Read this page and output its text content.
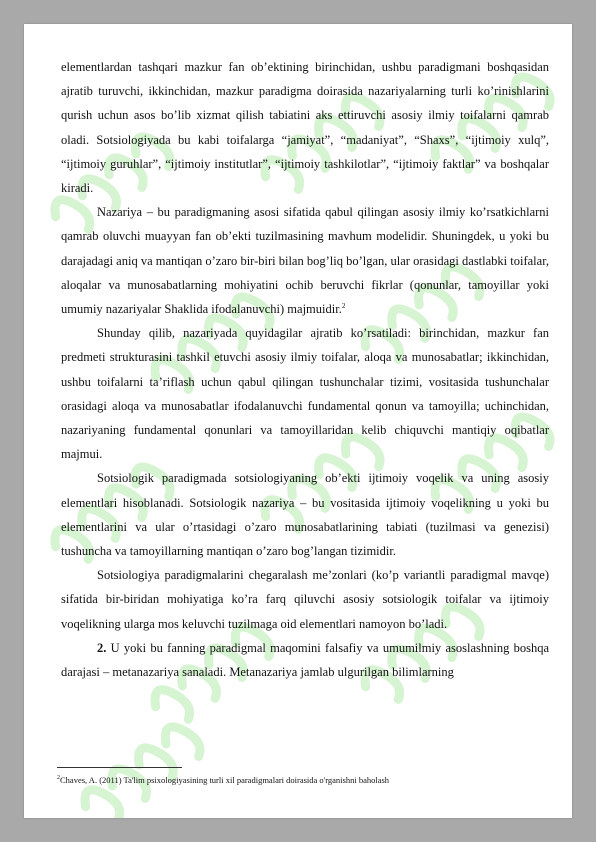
elementlardan tashqari mazkur fan ob’ektining birinchidan, ushbu paradigmani boshqasidan ajratib turuvchi, ikkinchidan, mazkur paradigma doirasida nazariyalarning turli ko’rinishlarini qurish uchun asos bo’lib xizmat qilish tabiatini aks ettiruvchi asosiy ilmiy toifalarni qamrab oladi. Sotsiologiyada bu kabi toifalarga “jamiyat”, “madaniyat”, “Shaxs”, “ijtimoiy xulq”, “ijtimoiy guruhlar”, “ijtimoiy institutlar”, “ijtimoiy tashkilotlar”, “ijtimoiy faktlar” va boshqalar kiradi.

Nazariya – bu paradigmaning asosi sifatida qabul qilingan asosiy ilmiy ko’rsatkichlarni qamrab oluvchi muayyan fan ob’ekti tuzilmasining mavhum modelidir. Shuningdek, u yoki bu darajadagi aniq va mantiqan o’zaro bir-biri bilan bog’liq bo’lgan, ular orasidagi dastlabki toifalar, aloqalar va munosabatlarning mohiyatini ochib beruvchi fikrlar (qonunlar, tamoyillar yoki umumiy nazariyalar Shaklida ifodalanuvchi) majmuidir.$^2$

Shunday qilib, nazariyada quyidagilar ajratib ko’rsatiladi: birinchidan, mazkur fan predmeti strukturasini tashkil etuvchi asosiy ilmiy toifalar, aloqa va munosabatlar; ikkinchidan, ushbu toifalarni ta’riflash uchun qabul qilingan tushunchalar tizimi, vositasida tushunchalar orasidagi aloqa va munosabatlar ifodalanuvchi fundamental qonun va tamoyilla; uchinchidan, nazariyaning fundamental qonunlari va tamoyillaridan kelib chiquvchi mantiqiy oqibatlar majmui.

Sotsiologik paradigmada sotsiologiyaning ob’ekti ijtimoiy voqelik va uning asosiy elementlari hisoblanadi. Sotsiologik nazariya – bu vositasida ijtimoiy voqelikning u yoki bu elementlarini va ular o’rtasidagi o’zaro munosabatlarining tabiati (tuzilmasi va genezisi) tushuncha va tamoyillarning mantiqan o’zaro bog’langan tizimidir.

Sotsiologiya paradigmalarini chegaralash me’zonlari (ko’p variantli paradigmal mavqe) sifatida bir-biridan mohiyatiga ko’ra farq qiluvchi asosiy sotsiologik toifalar va ijtimoiy voqelikning ularga mos keluvchi tuzilmaga oid elementlari namoyon bo’ladi.

2. U yoki bu fanning paradigmal maqomini falsafiy va umumilmiy asoslashning boshqa darajasi – metanazariya sanaladi. Metanazariya jamlab ulgurilgan bilimlarning

$^2$Chaves, A. (2011) Ta'lim psixologiyasining turli xil paradigmalari doirasida o'rganishni baholash
